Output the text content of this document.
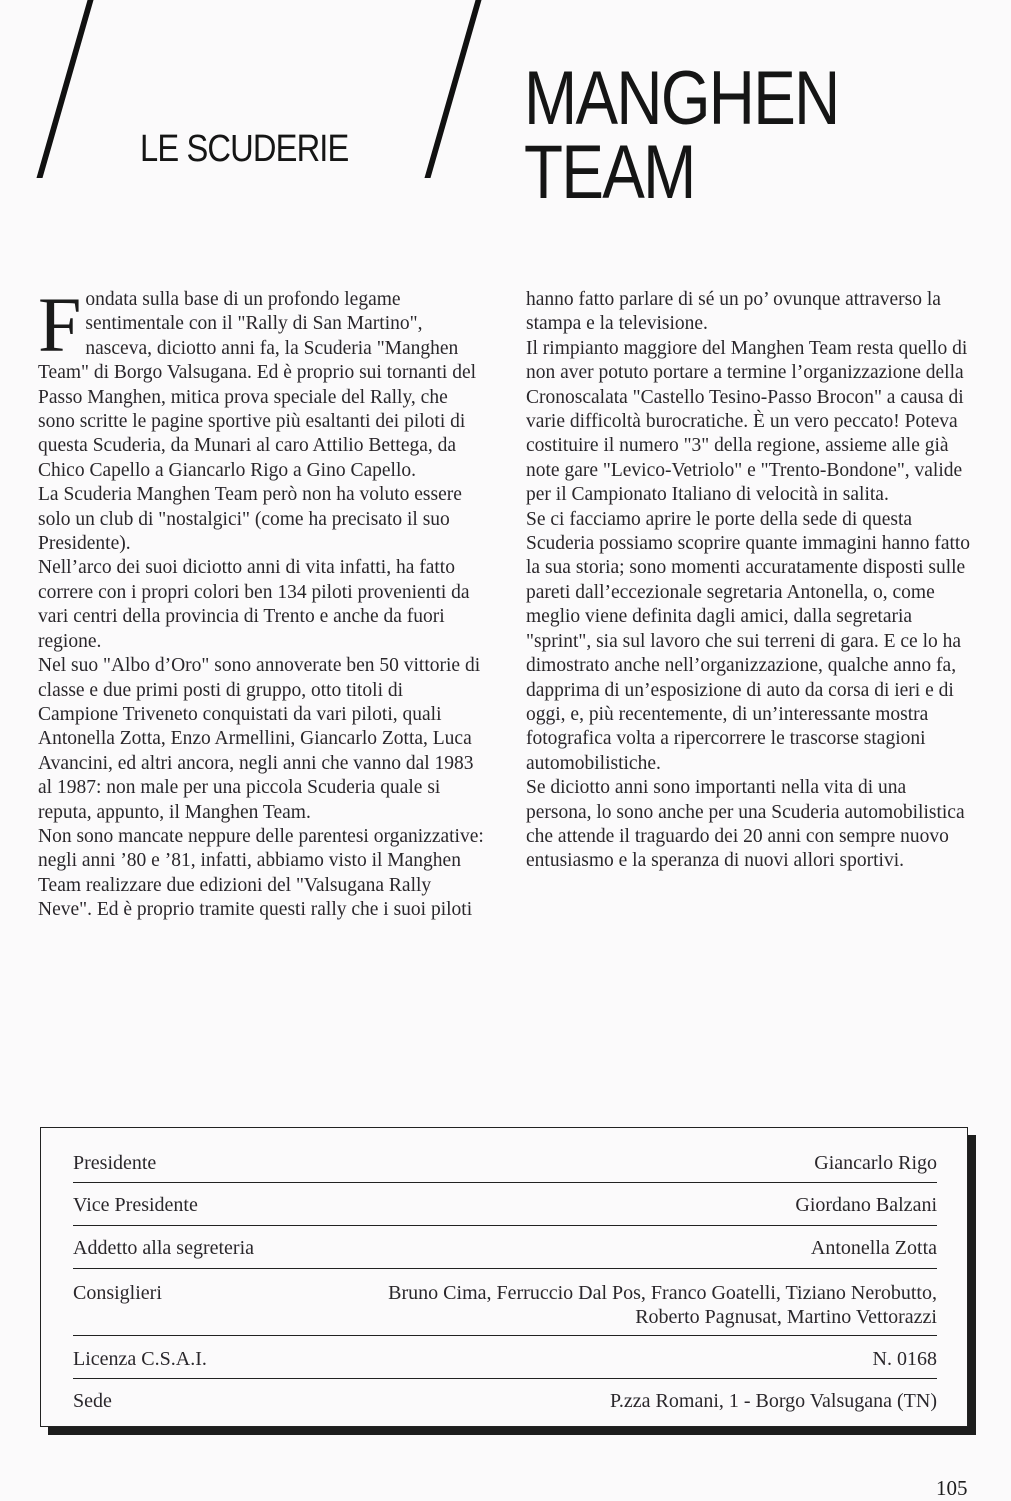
LE SCUDERIE
MANGHEN
TEAM

Fondata sulla base di un profondo legame sentimentale con il "Rally di San Martino", nasceva, diciotto anni fa, la Scuderia "Manghen Team" di Borgo Valsugana. Ed è proprio sui tornanti del Passo Manghen, mitica prova speciale del Rally, che sono scritte le pagine sportive più esaltanti dei piloti di questa Scuderia, da Munari al caro Attilio Bettega, da Chico Capello a Giancarlo Rigo a Gino Capello.

La Scuderia Manghen Team però non ha voluto essere solo un club di "nostalgici" (come ha precisato il suo Presidente).

Nell’arco dei suoi diciotto anni di vita infatti, ha fatto correre con i propri colori ben 134 piloti provenienti da vari centri della provincia di Trento e anche da fuori regione.

Nel suo "Albo d’Oro" sono annoverate ben 50 vittorie di classe e due primi posti di gruppo, otto titoli di Campione Triveneto conquistati da vari piloti, quali Antonella Zotta, Enzo Armellini, Giancarlo Zotta, Luca Avancini, ed altri ancora, negli anni che vanno dal 1983 al 1987: non male per una piccola Scuderia quale si reputa, appunto, il Manghen Team.

Non sono mancate neppure delle parentesi organizzative: negli anni ’80 e ’81, infatti, abbiamo visto il Manghen Team realizzare due edizioni del "Valsugana Rally Neve". Ed è proprio tramite questi rally che i suoi piloti

hanno fatto parlare di sé un po’ ovunque attraverso la stampa e la televisione.

Il rimpianto maggiore del Manghen Team resta quello di non aver potuto portare a termine l’organizzazione della Cronoscalata "Castello Tesino-Passo Brocon" a causa di varie difficoltà burocratiche. È un vero peccato! Poteva costituire il numero "3" della regione, assieme alle già note gare "Levico-Vetriolo" e "Trento-Bondone", valide per il Campionato Italiano di velocità in salita.

Se ci facciamo aprire le porte della sede di questa Scuderia possiamo scoprire quante immagini hanno fatto la sua storia; sono momenti accuratamente disposti sulle pareti dall’eccezionale segretaria Antonella, o, come meglio viene definita dagli amici, dalla segretaria "sprint", sia sul lavoro che sui terreni di gara. E ce lo ha dimostrato anche nell’organizzazione, qualche anno fa, dapprima di un’esposizione di auto da corsa di ieri e di oggi, e, più recentemente, di un’interessante mostra fotografica volta a ripercorrere le trascorse stagioni automobilistiche.

Se diciotto anni sono importanti nella vita di una persona, lo sono anche per una Scuderia automobilistica che attende il traguardo dei 20 anni con sempre nuovo entusiasmo e la speranza di nuovi allori sportivi.

Presidente	Giancarlo Rigo
Vice Presidente	Giordano Balzani
Addetto alla segreteria	Antonella Zotta
Consiglieri	Bruno Cima, Ferruccio Dal Pos, Franco Goatelli, Tiziano Nerobutto,
Roberto Pagnusat, Martino Vettorazzi
Licenza C.S.A.I.	N. 0168
Sede	P.zza Romani, 1 - Borgo Valsugana (TN)
105
